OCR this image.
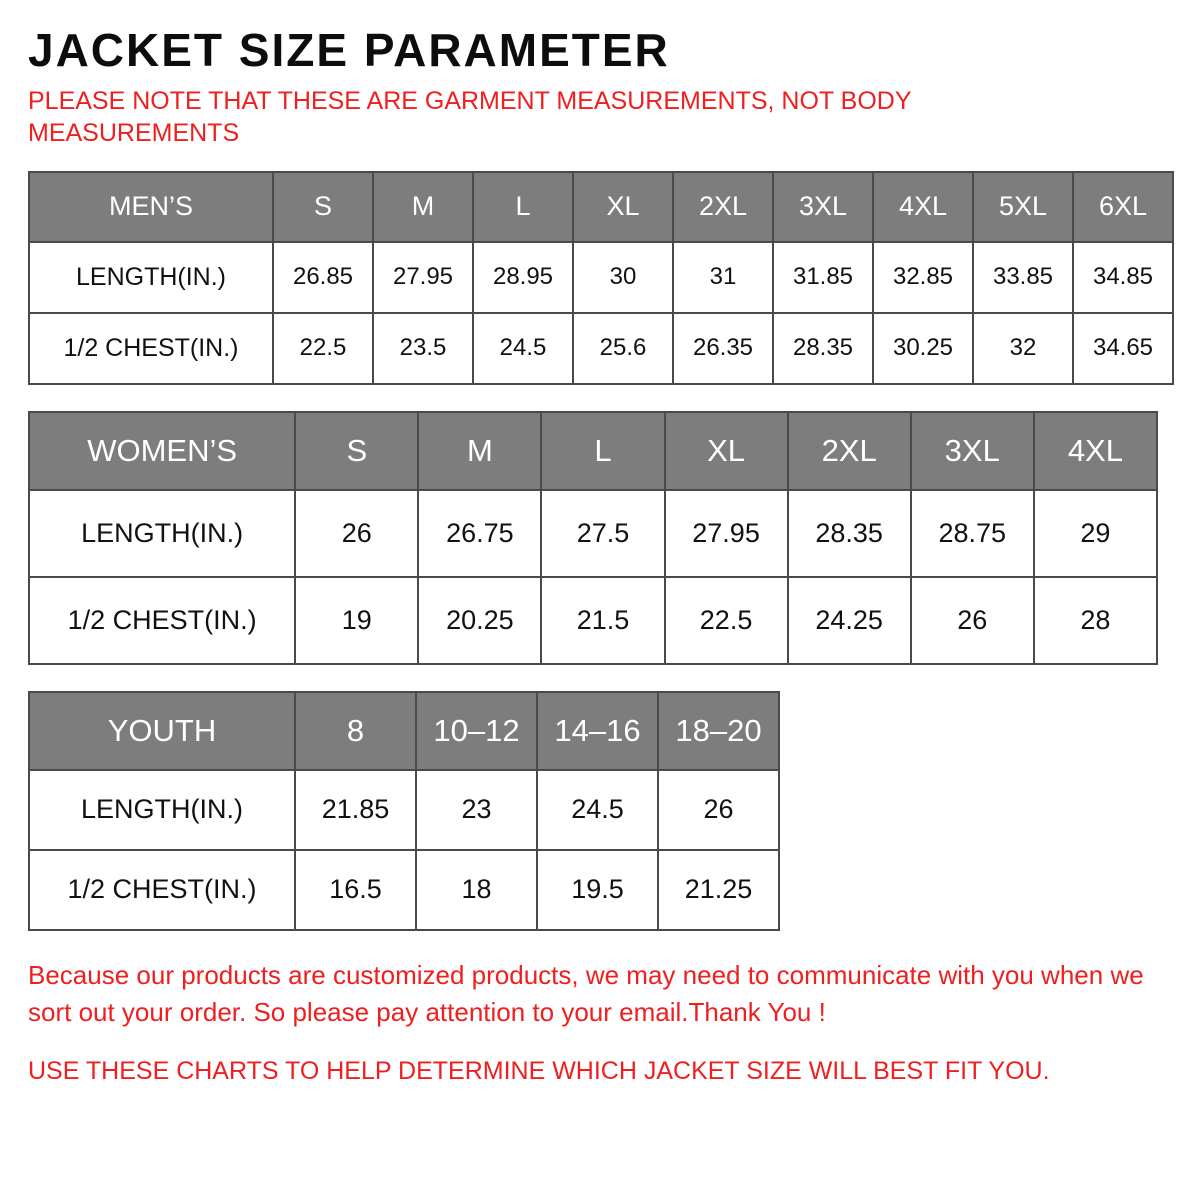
JACKET SIZE PARAMETER

PLEASE NOTE THAT THESE ARE GARMENT MEASUREMENTS, NOT BODY MEASUREMENTS

MEN’S	S	M	L	XL	2XL	3XL	4XL	5XL	6XL
LENGTH(IN.)	26.85	27.95	28.95	30	31	31.85	32.85	33.85	34.85
1/2 CHEST(IN.)	22.5	23.5	24.5	25.6	26.35	28.35	30.25	32	34.65
WOMEN’S	S	M	L	XL	2XL	3XL	4XL
LENGTH(IN.)	26	26.75	27.5	27.95	28.35	28.75	29
1/2 CHEST(IN.)	19	20.25	21.5	22.5	24.25	26	28
YOUTH	8	10–12	14–16	18–20
LENGTH(IN.)	21.85	23	24.5	26
1/2 CHEST(IN.)	16.5	18	19.5	21.25

Because our products are customized products, we may need to communicate with you when we sort out your order. So please pay attention to your email.Thank You !

USE THESE CHARTS TO HELP DETERMINE WHICH JACKET SIZE WILL BEST FIT YOU.
